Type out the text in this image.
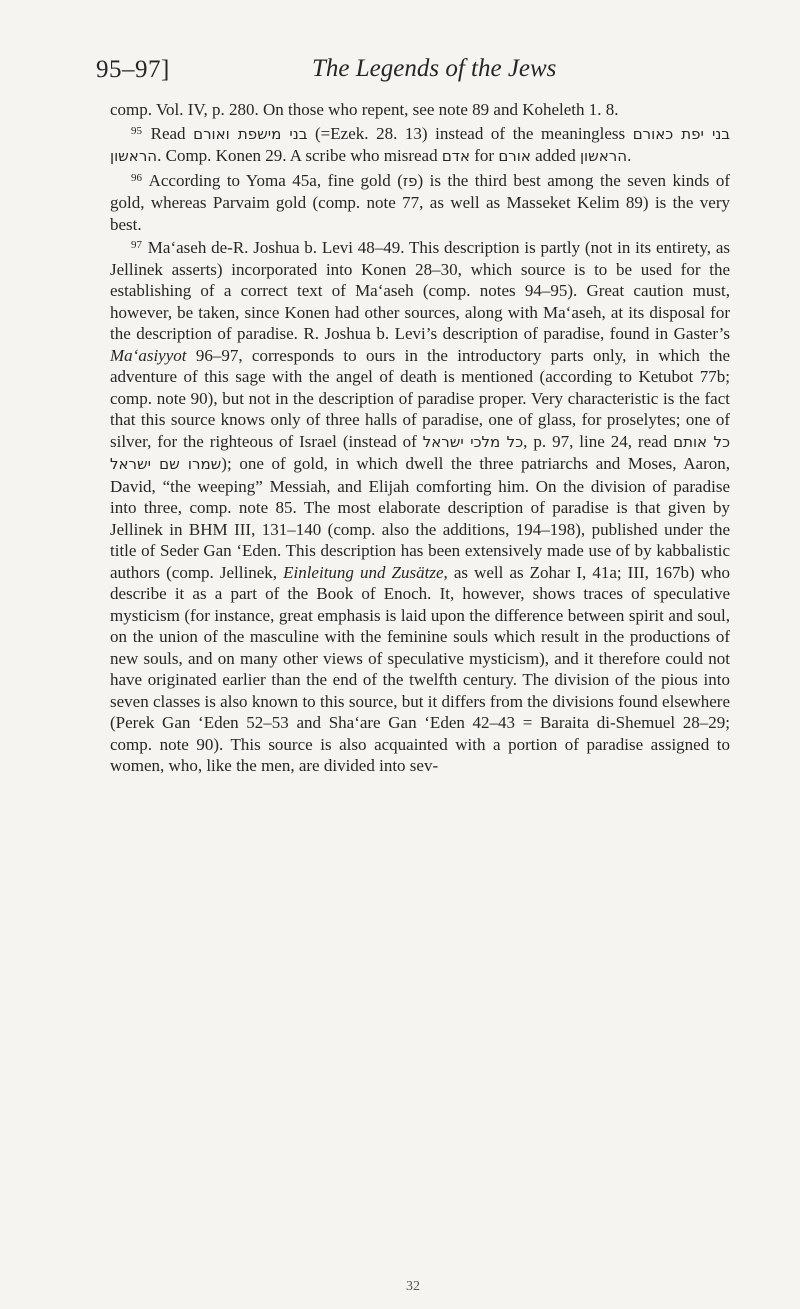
95–97]	The Legends of the Jews

comp. Vol. IV, p. 280. On those who repent, see note 89 and Koheleth 1. 8.

$^{95}$ Read בני מישפת ואורם (=Ezek. 28. 13) instead of the meaningless בני יפת כאורם הראשון. Comp. Konen 29. A scribe who misread אדם for אורם added הראשון.

$^{96}$ According to Yoma 45a, fine gold (פז) is the third best among the seven kinds of gold, whereas Parvaim gold (comp. note 77, as well as Masseket Kelim 89) is the very best.

$^{97}$ Ma‘aseh de-R. Joshua b. Levi 48–49. This description is partly (not in its entirety, as Jellinek asserts) incorporated into Konen 28–30, which source is to be used for the establishing of a correct text of Ma‘aseh (comp. notes 94–95). Great caution must, however, be taken, since Konen had other sources, along with Ma‘aseh, at its disposal for the description of paradise. R. Joshua b. Levi’s description of paradise, found in Gaster’s Ma‘asiyyot 96–97, corresponds to ours in the introductory parts only, in which the adventure of this sage with the angel of death is mentioned (according to Ketubot 77b; comp. note 90), but not in the description of paradise proper. Very characteristic is the fact that this source knows only of three halls of paradise, one of glass, for proselytes; one of silver, for the righteous of Israel (instead of כל מלכי ישראל, p. 97, line 24, read כל אותם שמרו שם ישראל); one of gold, in which dwell the three patriarchs and Moses, Aaron, David, “the weeping” Messiah, and Elijah comforting him. On the division of paradise into three, comp. note 85. The most elaborate description of paradise is that given by Jellinek in BHM III, 131–140 (comp. also the additions, 194–198), published under the title of Seder Gan ‘Eden. This description has been extensively made use of by kabbalistic authors (comp. Jellinek, Einleitung und Zusätze, as well as Zohar I, 41a; III, 167b) who describe it as a part of the Book of Enoch. It, however, shows traces of speculative mysticism (for instance, great emphasis is laid upon the difference between spirit and soul, on the union of the masculine with the feminine souls which result in the productions of new souls, and on many other views of speculative mysticism), and it therefore could not have originated earlier than the end of the twelfth century. The division of the pious into seven classes is also known to this source, but it differs from the divisions found elsewhere (Perek Gan ‘Eden 52–53 and Sha‘are Gan ‘Eden 42–43 = Baraita di-Shemuel 28–29; comp. note 90). This source is also acquainted with a portion of paradise assigned to women, who, like the men, are divided into sev-

32
